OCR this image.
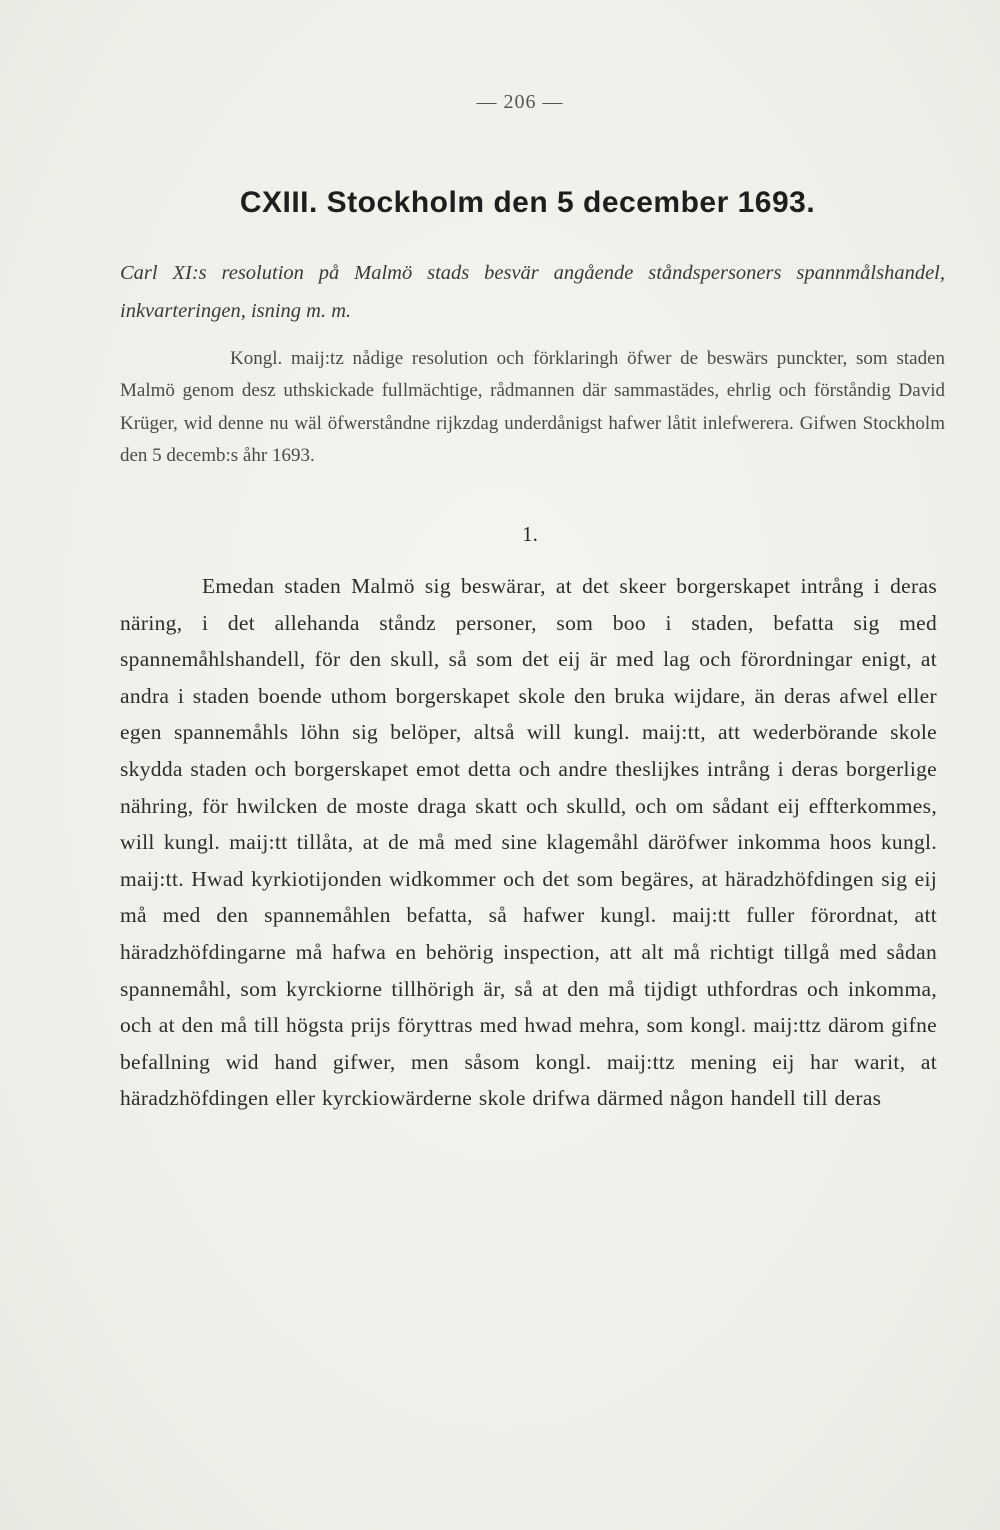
— 206 —
CXIII. Stockholm den 5 december 1693.
Carl XI:s resolution på Malmö stads besvär angående ståndspersoners spannmålshandel, inkvarteringen, isning m. m.
Kongl. maij:tz nådige resolution och förklaringh öfwer de beswärs punckter, som staden Malmö genom desz uthskickade fullmächtige, rådmannen där sammastädes, ehrlig och förståndig David Krüger, wid denne nu wäl öfwerståndne rijkzdag underdånigst hafwer låtit inlefwerera. Gifwen Stockholm den 5 decemb:s åhr 1693.
1.
Emedan staden Malmö sig beswärar, at det skeer borgerskapet intrång i deras näring, i det allehanda ståndz personer, som boo i staden, befatta sig med spannemåhlshandell, för den skull, så som det eij är med lag och förordningar enigt, at andra i staden boende uthom borgerskapet skole den bruka wijdare, än deras afwel eller egen spannemåhls löhn sig belöper, altså will kungl. maij:tt, att wederbörande skole skydda staden och borgerskapet emot detta och andre theslijkes intrång i deras borgerlige nähring, för hwilcken de moste draga skatt och skulld, och om sådant eij effterkommes, will kungl. maij:tt tillåta, at de må med sine klagemåhl däröfwer inkomma hoos kungl. maij:tt. Hwad kyrkiotijonden widkommer och det som begäres, at häradzhöfdingen sig eij må med den spannemåhlen befatta, så hafwer kungl. maij:tt fuller förordnat, att häradzhöfdingarne må hafwa en behörig inspection, att alt må richtigt tillgå med sådan spannemåhl, som kyrckiorne tillhörigh är, så at den må tijdigt uthfordras och inkomma, och at den må till högsta prijs föryttras med hwad mehra, som kongl. maij:ttz därom gifne befallning wid hand gifwer, men såsom kongl. maij:ttz mening eij har warit, at häradzhöfdingen eller kyrckiowärderne skole drifwa därmed någon handell till deras
